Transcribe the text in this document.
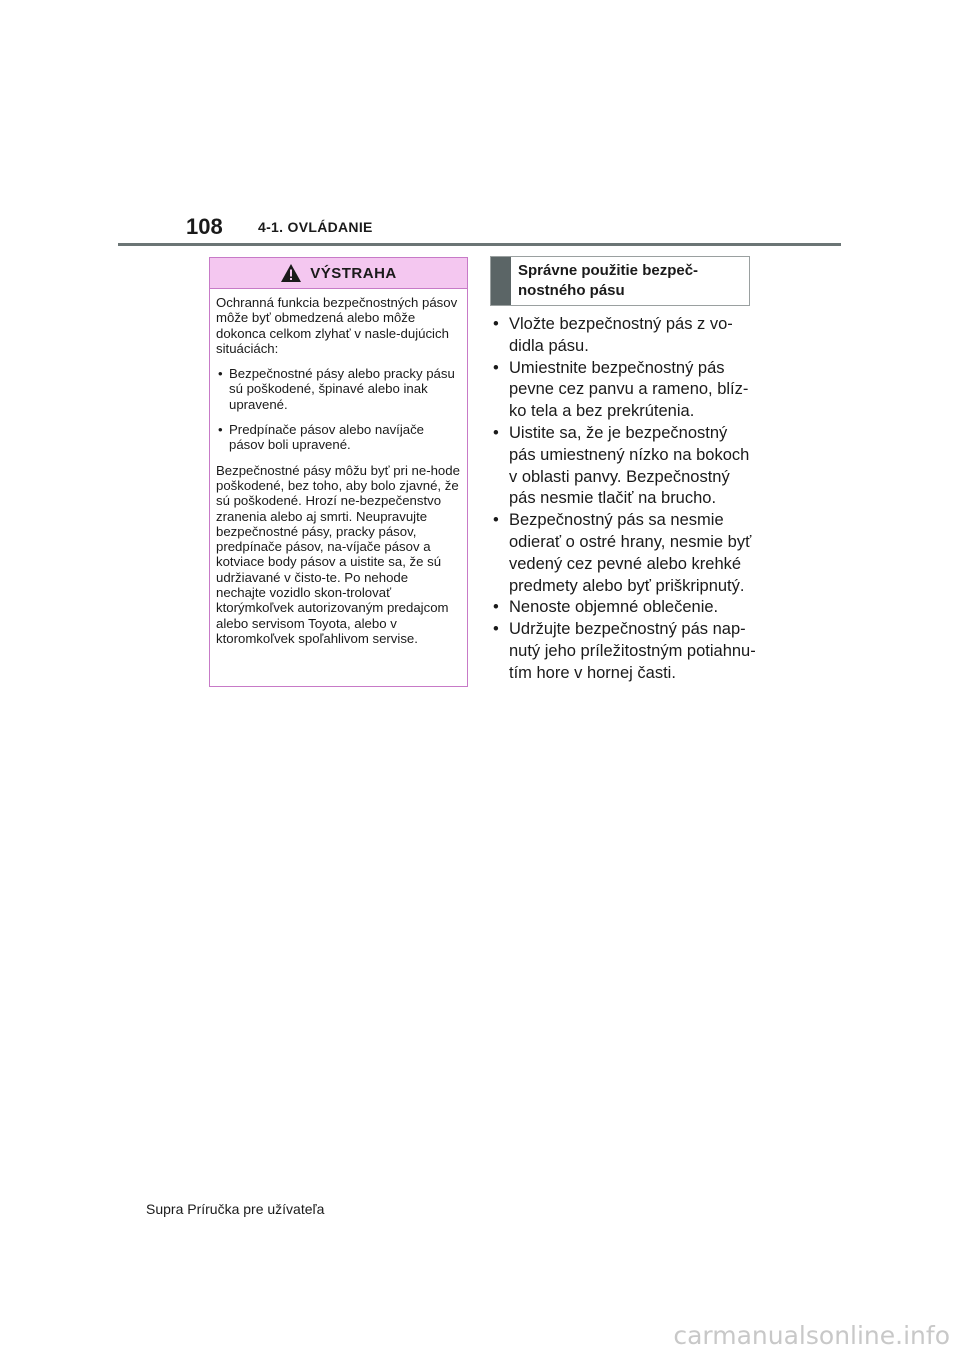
108	4-1. OVLÁDANIE
VÝSTRAHA

Ochranná funkcia bezpečnostných pásov môže byť obmedzená alebo môže dokonca celkom zlyhať v nasle-dujúcich situáciách:

• Bezpečnostné pásy alebo pracky pásu sú poškodené, špinavé alebo inak upravené.
• Predpínače pásov alebo navíjače pásov boli upravené.

Bezpečnostné pásy môžu byť pri ne-hode poškodené, bez toho, aby bolo zjavné, že sú poškodené. Hrozí ne-bezpečenstvo zranenia alebo aj smrti. Neupravujte bezpečnostné pásy, pracky pásov, predpínače pásov, na-víjače pásov a kotviace body pásov a uistite sa, že sú udržiavané v čisto-te. Po nehode nechajte vozidlo skon-trolovať ktorýmkoľvek autorizovaným predajcom alebo servisom Toyota, alebo v ktoromkoľvek spoľahlivom servise.

Správne použitie bezpeč-
nostného pásu
• Vložte bezpečnostný pás z vo-
didla pásu.
• Umiestnite bezpečnostný pás
pevne cez panvu a rameno, blíz-
ko tela a bez prekrútenia.
• Uistite sa, že je bezpečnostný
pás umiestnený nízko na bokoch
v oblasti panvy. Bezpečnostný
pás nesmie tlačiť na brucho.
• Bezpečnostný pás sa nesmie
odierať o ostré hrany, nesmie byť
vedený cez pevné alebo krehké
predmety alebo byť priškripnutý.
• Nenoste objemné oblečenie.
• Udržujte bezpečnostný pás nap-
nutý jeho príležitostným potiahnu-
tím hore v hornej časti.
Supra Príručka pre užívateľa
carmanualsonline.info
